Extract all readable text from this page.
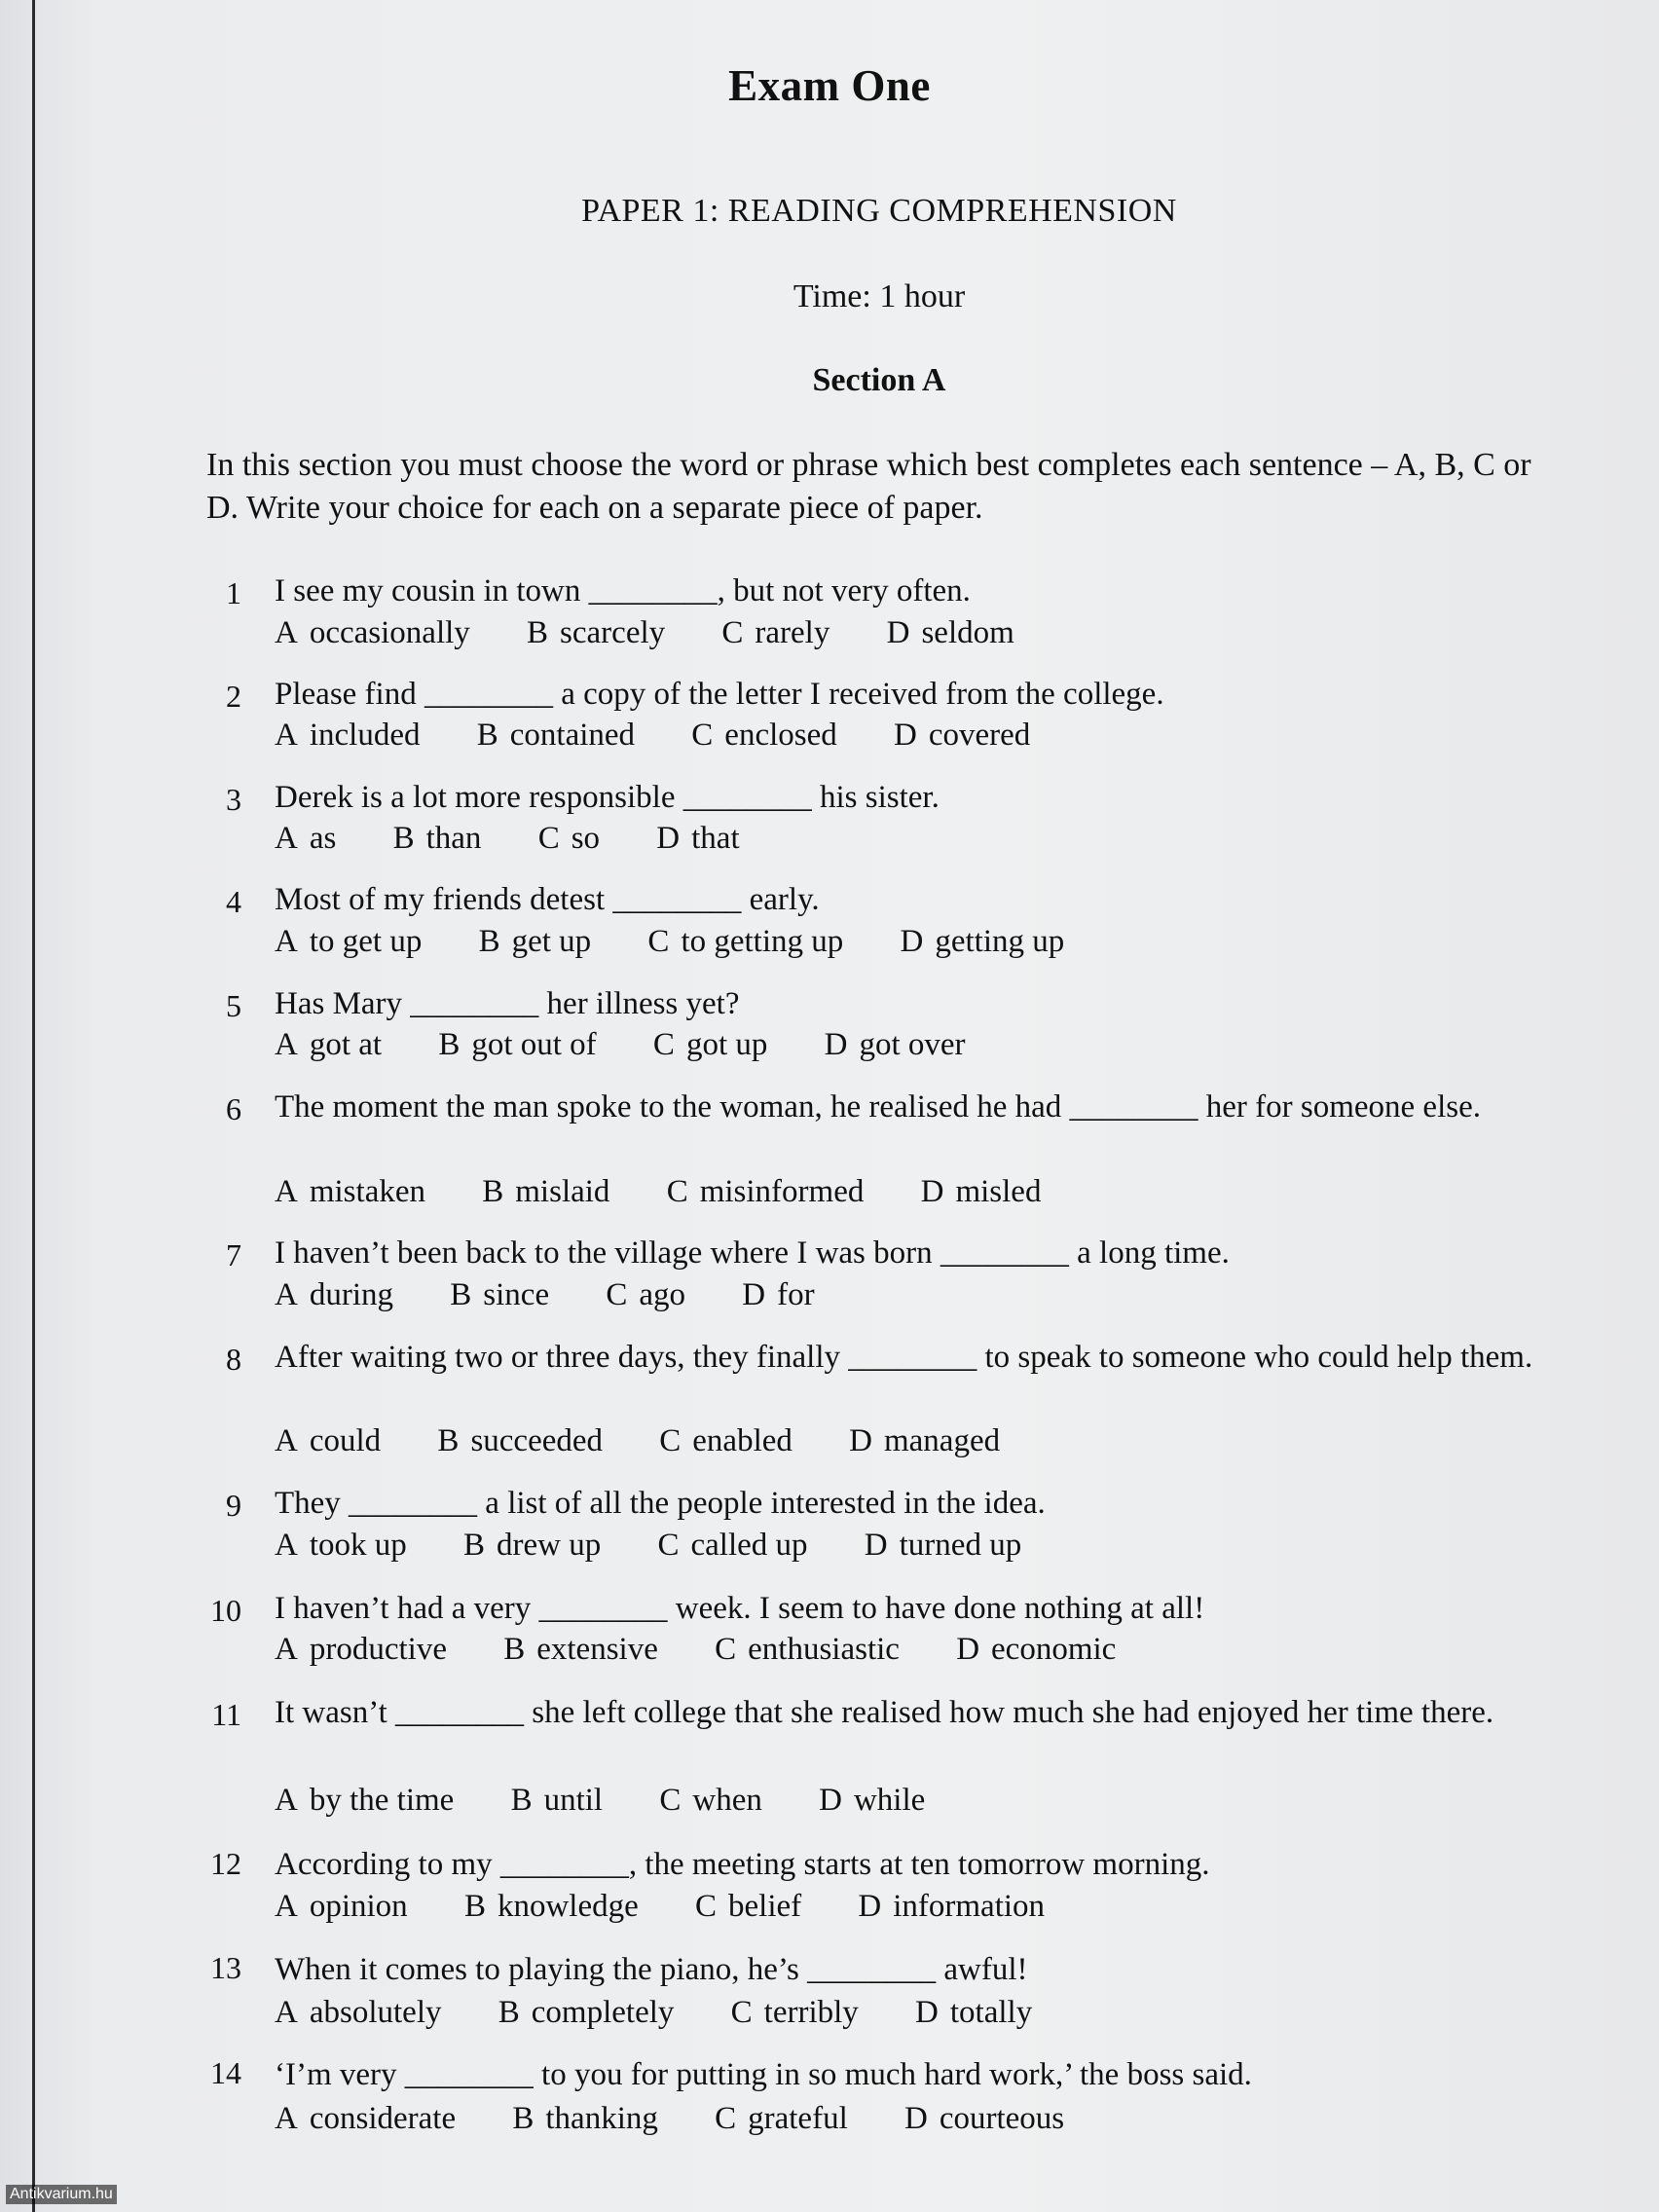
Exam One
PAPER 1: READING COMPREHENSION
Time: 1 hour
Section A
In this section you must choose the word or phrase which best completes each sentence – A, B, C or D. Write your choice for each on a separate piece of paper.
1 I see my cousin in town ________, but not very often.
A occasionally B scarcely C rarely D seldom
2 Please find ________ a copy of the letter I received from the college.
A included B contained C enclosed D covered
3 Derek is a lot more responsible ________ his sister.
A as B than C so D that
4 Most of my friends detest ________ early.
A to get up B get up C to getting up D getting up
5 Has Mary ________ her illness yet?
A got at B got out of C got up D got over
6 The moment the man spoke to the woman, he realised he had ________ her for someone else.
A mistaken B mislaid C misinformed D misled
7 I haven’t been back to the village where I was born ________ a long time.
A during B since C ago D for
8 After waiting two or three days, they finally ________ to speak to someone who could help them.
A could B succeeded C enabled D managed
9 They ________ a list of all the people interested in the idea.
A took up B drew up C called up D turned up
10 I haven’t had a very ________ week. I seem to have done nothing at all!
A productive B extensive C enthusiastic D economic
11 It wasn’t ________ she left college that she realised how much she had enjoyed her time there.
A by the time B until C when D while
12 According to my ________, the meeting starts at ten tomorrow morning.
A opinion B knowledge C belief D information
13 When it comes to playing the piano, he’s ________ awful!
A absolutely B completely C terribly D totally
14 ‘I’m very ________ to you for putting in so much hard work,’ the boss said.
A considerate B thanking C grateful D courteous
Antikvarium.hu
